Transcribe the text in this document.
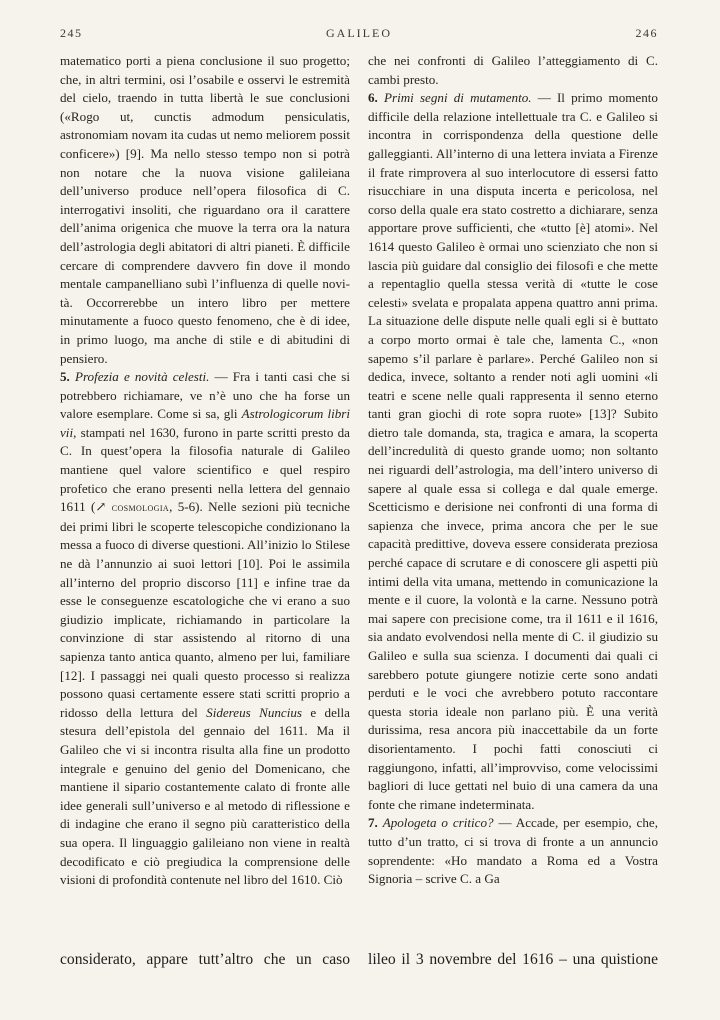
245	GALILEO	246

matematico porti a piena conclusione il suo progetto; che, in altri termini, osi l’osabile e osservi le estremità del cielo, traendo in tutta libertà le sue conclusioni («Rogo ut, cunctis admodum pensiculatis, astronomiam novam ita cudas ut nemo meliorem possit conficere») [9]. Ma nello stesso tempo non si potrà non notare che la nuova visione galileiana dell’universo produce nell’opera filosofica di C. interrogativi insoliti, che riguardano ora il carattere dell’anima origenica che muove la terra ora la natura dell’astrologia degli abitatori di altri pianeti. È difficile cercare di comprendere davvero fin dove il mondo mentale campanelliano subì l’influenza di quelle novità. Occorrerebbe un intero libro per mettere minutamente a fuoco questo fenomeno, che è di idee, in primo luogo, ma anche di stile e di abitudini di pensiero.

5. Profezia e novità celesti. — Fra i tanti casi che si potrebbero richiamare, ve n’è uno che ha forse un valore esemplare. Come si sa, gli Astrologicorum libri vii, stampati nel 1630, furono in parte scritti presto da C. In quest’opera la filosofia naturale di Galileo mantiene quel valore scientifico e quel respiro profetico che erano presenti nella lettera del gennaio 1611 (↗ cosmologia, 5-6). Nelle sezioni più tecniche dei primi libri le scoperte telescopiche condizionano la messa a fuoco di diverse questioni. All’inizio lo Stilese ne dà l’annunzio ai suoi lettori [10]. Poi le assimila all’interno del proprio discorso [11] e infine trae da esse le conseguenze escatologiche che vi erano a suo giudizio implicate, richiamando in particolare la convinzione di star assistendo al ritorno di una sapienza tanto antica quanto, almeno per lui, familiare [12]. I passaggi nei quali questo processo si realizza possono quasi certamente essere stati scritti proprio a ridosso della lettura del Sidereus Nuncius e della stesura dell’epistola del gennaio del 1611. Ma il Galileo che vi si incontra risulta alla fine un prodotto integrale e genuino del genio del Domenicano, che mantiene il sipario costantemente calato di fronte alle idee generali sull’universo e al metodo di riflessione e di indagine che erano il segno più caratteristico della sua opera. Il linguaggio galileiano non viene in realtà decodificato e ciò pregiudica la comprensione delle visioni di profondità contenute nel libro del 1610. Ciò

considerato, appare tutt’altro che un caso

che nei confronti di Galileo l’atteggiamento di C. cambi presto.

6. Primi segni di mutamento. — Il primo momento difficile della relazione intellettuale tra C. e Galileo si incontra in corrispondenza della questione delle galleggianti. All’interno di una lettera inviata a Firenze il frate rimprovera al suo interlocutore di essersi fatto risucchiare in una disputa incerta e pericolosa, nel corso della quale era stato costretto a dichiarare, senza apportare prove sufficienti, che «tutto [è] atomi». Nel 1614 questo Galileo è ormai uno scienziato che non si lascia più guidare dal consiglio dei filosofi e che mette a repentaglio quella stessa verità di «tutte le cose celesti» svelata e propalata appena quattro anni prima. La situazione delle dispute nelle quali egli si è buttato a corpo morto ormai è tale che, lamenta C., «non sapemo s’il parlare è parlare». Perché Galileo non si dedica, invece, soltanto a render noti agli uomini «li teatri e scene nelle quali rappresenta il senno eterno tanti gran giochi di rote sopra ruote» [13]? Subito dietro tale domanda, sta, tragica e amara, la scoperta dell’incredulità di questo grande uomo; non soltanto nei riguardi dell’astrologia, ma dell’intero universo di sapere al quale essa si collega e dal quale emerge. Scetticismo e derisione nei confronti di una forma di sapienza che invece, prima ancora che per le sue capacità predittive, doveva essere considerata preziosa perché capace di scrutare e di conoscere gli aspetti più intimi della vita umana, mettendo in comunicazione la mente e il cuore, la volontà e la carne. Nessuno potrà mai sapere con precisione come, tra il 1611 e il 1616, sia andato evolvendosi nella mente di C. il giudizio su Galileo e sulla sua scienza. I documenti dai quali ci sarebbero potute giungere notizie certe sono andati perduti e le voci che avrebbero potuto raccontare questa storia ideale non parlano più. È una verità durissima, resa ancora più inaccettabile da un forte disorientamento. I pochi fatti conosciuti ci raggiungono, infatti, all’improvviso, come velocissimi bagliori di luce gettati nel buio di una camera da una fonte che rimane indeterminata.

7. Apologeta o critico? — Accade, per esempio, che, tutto d’un tratto, ci si trova di fronte a un annuncio soprendente: «Ho mandato a Roma ed a Vostra Signoria – scrive C. a Ga

lileo il 3 novembre del 1616 – una quistione
